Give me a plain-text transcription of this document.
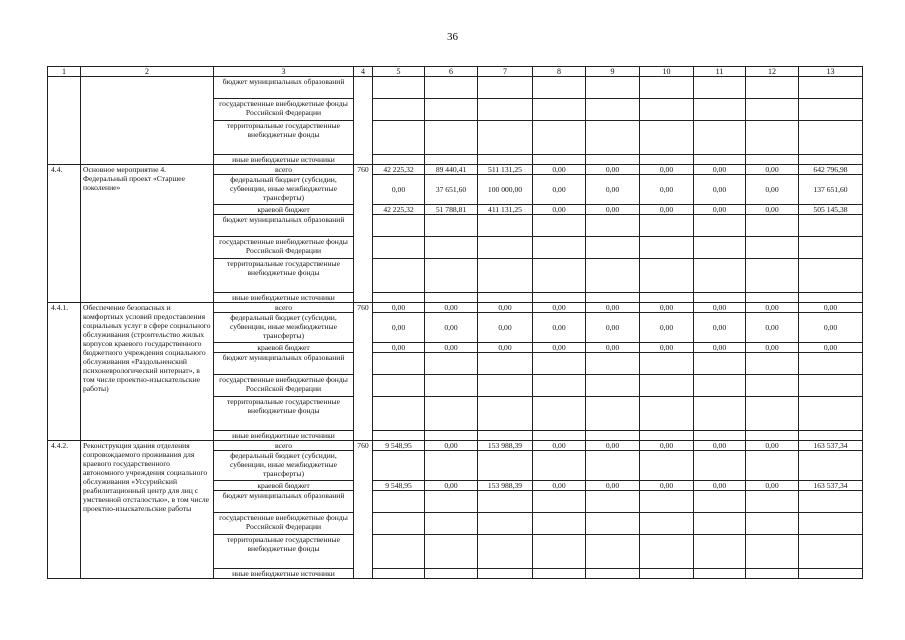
36
1	2	3	4	5	6	7	8	9	10	11	12	13
		бюджет муниципальных образований										
		государственные внебюджетные фонды Российской Федерации										
		территориальные государственные внебюджетные фонды										
		иные внебюджетные источники										
4.4.	Основное мероприятие 4. Федеральный проект «Старшее поколение»	всего	760	42 225,32	89 440,41	511 131,25	0,00	0,00	0,00	0,00	0,00	642 796,98
		федеральный бюджет (субсидии, субвенции, иные межбюджетные трансферты)		0,00	37 651,60	100 000,00	0,00	0,00	0,00	0,00	0,00	137 651,60
		краевой бюджет		42 225,32	51 788,81	411 131,25	0,00	0,00	0,00	0,00	0,00	505 145,38
		бюджет муниципальных образований										
		государственные внебюджетные фонды Российской Федерации										
		территориальные государственные внебюджетные фонды										
		иные внебюджетные источники										
4.4.1.	Обеспечение безопасных и комфортных условий предоставления социальных услуг в сфере социального обслуживания (строительство жилых корпусов краевого государственного бюджетного учреждения социального обслуживания «Раздольненский психоневрологический интернат», в том числе проектно-изыскательские работы)	всего	760	0,00	0,00	0,00	0,00	0,00	0,00	0,00	0,00	0,00
		федеральный бюджет (субсидии, субвенции, иные межбюджетные трансферты)		0,00	0,00	0,00	0,00	0,00	0,00	0,00	0,00	0,00
		краевой бюджет		0,00	0,00	0,00	0,00	0,00	0,00	0,00	0,00	0,00
		бюджет муниципальных образований										
		государственные внебюджетные фонды Российской Федерации										
		территориальные государственные внебюджетные фонды										
		иные внебюджетные источники										
4.4.2.	Реконструкция здания отделения сопровождаемого проживания для краевого государственного автономного учреждения социального обслуживания «Уссурийский реабилитационный центр для лиц с умственной отсталостью», в том числе проектно-изыскательские работы	всего	760	9 548,95	0,00	153 988,39	0,00	0,00	0,00	0,00	0,00	163 537,34
		федеральный бюджет (субсидии, субвенции, иные межбюджетные трансферты)										
		краевой бюджет		9 548,95	0,00	153 988,39	0,00	0,00	0,00	0,00	0,00	163 537,34
		бюджет муниципальных образований										
		государственные внебюджетные фонды Российской Федерации										
		территориальные государственные внебюджетные фонды										
		иные внебюджетные источники										
